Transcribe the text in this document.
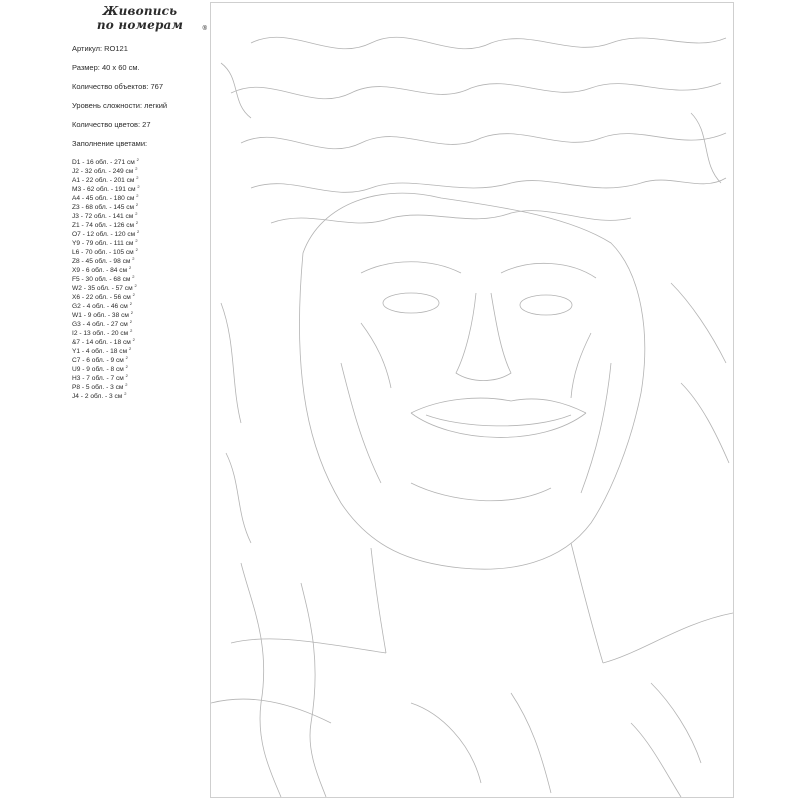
Живопись
по номерам	®
Артикул: RO121
Размер: 40 х 60 см.
Количество объектов: 767
Уровень сложности: легкий
Количество цветов: 27
Заполнение цветами:
D1 - 16 обл. - 271 см $^2$
J2 - 32 обл. - 249 см $^2$
A1 - 22 обл. - 201 см $^2$
M3 - 62 обл. - 191 см $^2$
A4 - 45 обл. - 180 см $^2$
Z3 - 68 обл. - 145 см $^2$
J3 - 72 обл. - 141 см $^2$
Z1 - 74 обл. - 126 см $^2$
O7 - 12 обл. - 120 см $^2$
Y9 - 79 обл. - 111 см $^2$
L6 - 70 обл. - 105 см $^2$
Z8 - 45 обл. - 98 см $^2$
X9 - 6 обл. - 84 см $^2$
F5 - 30 обл. - 68 см $^2$
W2 - 35 обл. - 57 см $^2$
X6 - 22 обл. - 56 см $^2$
G2 - 4 обл. - 46 см $^2$
W1 - 9 обл. - 38 см $^2$
G3 - 4 обл. - 27 см $^2$
I2 - 13 обл. - 20 см $^2$
&7 - 14 обл. - 18 см $^2$
Y1 - 4 обл. - 18 см $^2$
C7 - 6 обл. - 9 см $^2$
U9 - 9 обл. - 8 см $^2$
H3 - 7 обл. - 7 см $^2$
P8 - 5 обл. - 3 см $^2$
J4 - 2 обл. - 3 см $^2$
